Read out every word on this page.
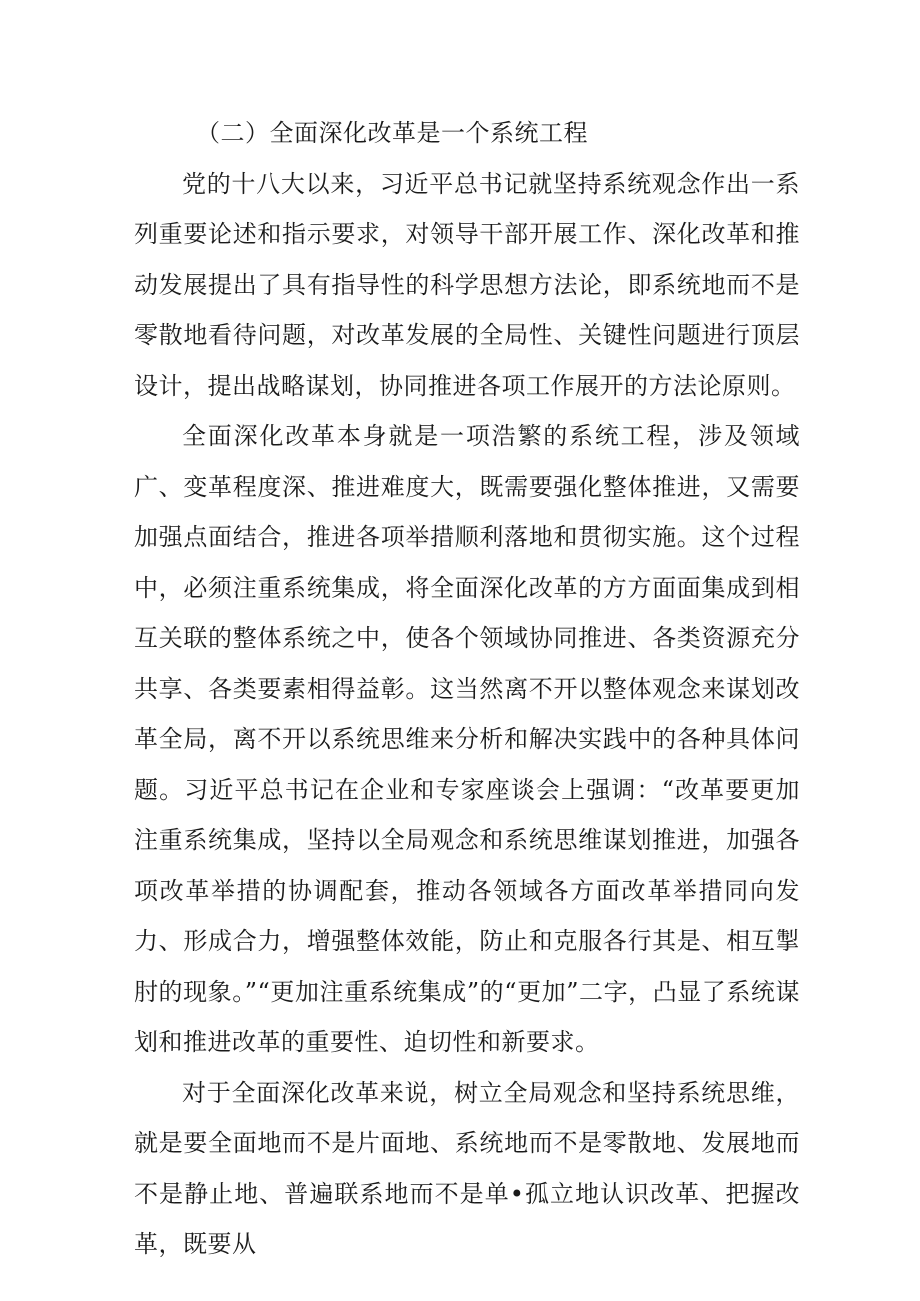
（二）全面深化改革是一个系统工程

党的十八大以来，习近平总书记就坚持系统观念作出一系列重要论述和指示要求，对领导干部开展工作、深化改革和推动发展提出了具有指导性的科学思想方法论，即系统地而不是零散地看待问题，对改革发展的全局性、关键性问题进行顶层设计，提出战略谋划，协同推进各项工作展开的方法论原则。

全面深化改革本身就是一项浩繁的系统工程，涉及领域广、变革程度深、推进难度大，既需要强化整体推进，又需要加强点面结合，推进各项举措顺利落地和贯彻实施。这个过程中，必须注重系统集成，将全面深化改革的方方面面集成到相互关联的整体系统之中，使各个领域协同推进、各类资源充分共享、各类要素相得益彰。这当然离不开以整体观念来谋划改革全局，离不开以系统思维来分析和解决实践中的各种具体问题。习近平总书记在企业和专家座谈会上强调：“改革要更加注重系统集成，坚持以全局观念和系统思维谋划推进，加强各项改革举措的协调配套，推动各领域各方面改革举措同向发力、形成合力，增强整体效能，防止和克服各行其是、相互掣肘的现象。”“更加注重系统集成”的“更加”二字，凸显了系统谋划和推进改革的重要性、迫切性和新要求。

对于全面深化改革来说，树立全局观念和坚持系统思维，就是要全面地而不是片面地、系统地而不是零散地、发展地而不是静止地、普遍联系地而不是单•孤立地认识改革、把握改革，既要从
